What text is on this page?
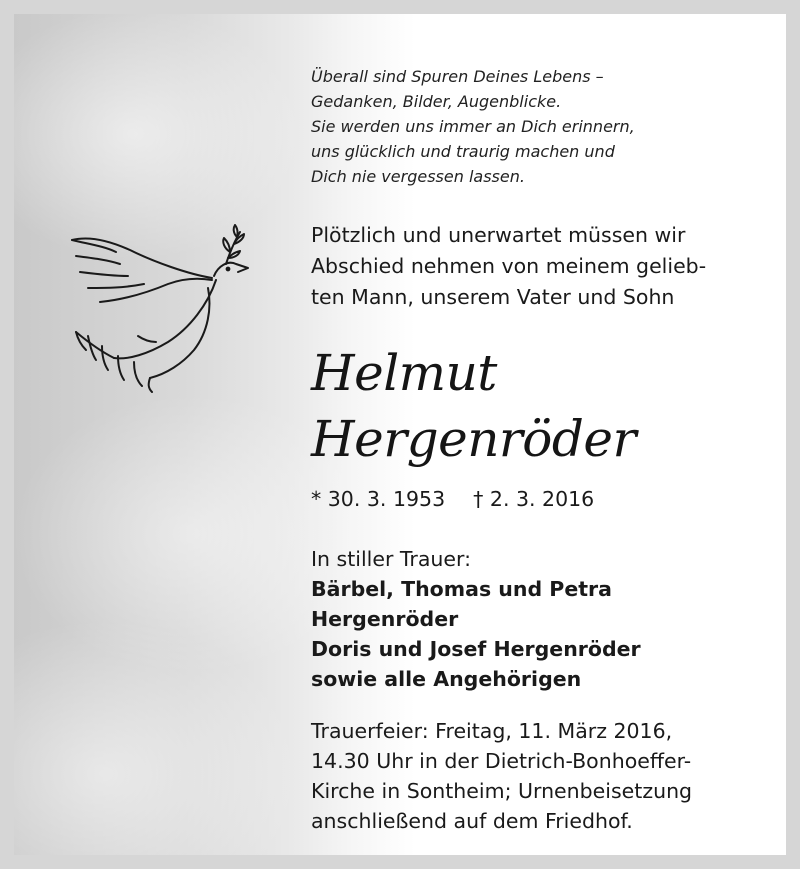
Überall sind Spuren Deines Lebens –
Gedanken, Bilder, Augenblicke.
Sie werden uns immer an Dich erinnern,
uns glücklich und traurig machen und
Dich nie vergessen lassen.
Plötzlich und unerwartet müssen wir
Abschied nehmen von meinem gelieb-
ten Mann, unserem Vater und Sohn
Helmut
Hergenröder
* 30. 3. 1953 † 2. 3. 2016
In stiller Trauer:
Bärbel, Thomas und Petra
Hergenröder
Doris und Josef Hergenröder
sowie alle Angehörigen
Trauerfeier: Freitag, 11. März 2016,
14.30 Uhr in der Dietrich-Bonhoeffer-
Kirche in Sontheim; Urnenbeisetzung
anschließend auf dem Friedhof.
